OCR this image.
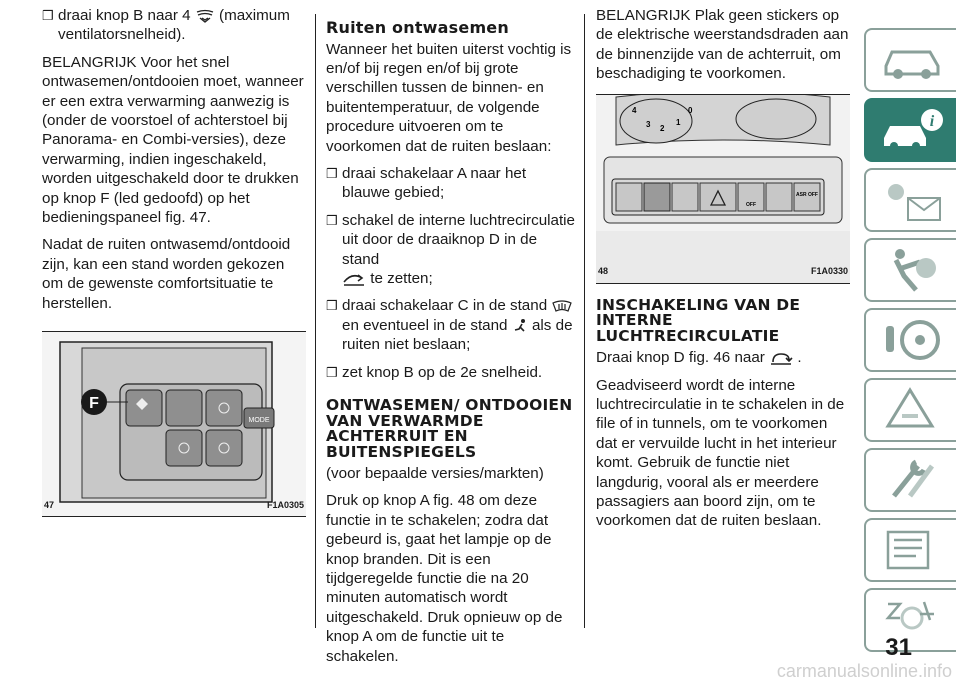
❒ draai knop B naar 4 (maximum ventilatorsnelheid).

BELANGRIJK Voor het snel ontwasemen/ontdooien moet, wanneer er een extra verwarming aanwezig is (onder de voorstoel of achterstoel bij Panorama- en Combi-versies), deze verwarming, indien ingeschakeld, worden uitgeschakeld door te drukken op knop F (led gedoofd) op het bedieningspaneel fig. 47.

Nadat de ruiten ontwasemd/ontdooid zijn, kan een stand worden gekozen om de gewenste comfortsituatie te herstellen.

MODE
F
47	F1A0305
Ruiten ontwasemen

Wanneer het buiten uiterst vochtig is en/of bij regen en/of bij grote verschillen tussen de binnen- en buitentemperatuur, de volgende procedure uitvoeren om te voorkomen dat de ruiten beslaan:

❒ draai schakelaar A naar het blauwe gebied;
❒ schakel de interne luchtrecirculatie uit door de draaiknop D in de stand
te zetten;
❒ draai schakelaar C in de stand  en eventueel in de stand als de ruiten niet beslaan;
❒ zet knop B op de 2e snelheid.
ONTWASEMEN/ ONTDOOIEN VAN VERWARMDE ACHTERRUIT EN BUITENSPIEGELS

(voor bepaalde versies/markten)

Druk op knop A fig. 48 om deze functie in te schakelen; zodra dat gebeurd is, gaat het lampje op de knop branden. Dit is een tijdgeregelde functie die na 20 minuten automatisch wordt uitgeschakeld. Druk opnieuw op de knop A om de functie uit te schakelen.

BELANGRIJK Plak geen stickers op de elektrische weerstandsdraden aan de binnenzijde van de achterruit, om beschadiging te voorkomen.

4
3 2
1
0
ASR OFF
OFF
48	F1A0330
INSCHAKELING VAN DE INTERNE LUCHTRECIRCULATIE

Draai knop D fig. 46 naar .

Geadviseerd wordt de interne luchtrecirculatie in te schakelen in de file of in tunnels, om te voorkomen dat er vervuilde lucht in het interieur komt. Gebruik de functie niet langdurig, vooral als er meerdere passagiers aan boord zijn, om te voorkomen dat de ruiten beslaan.

i
31
carmanualsonline.info
